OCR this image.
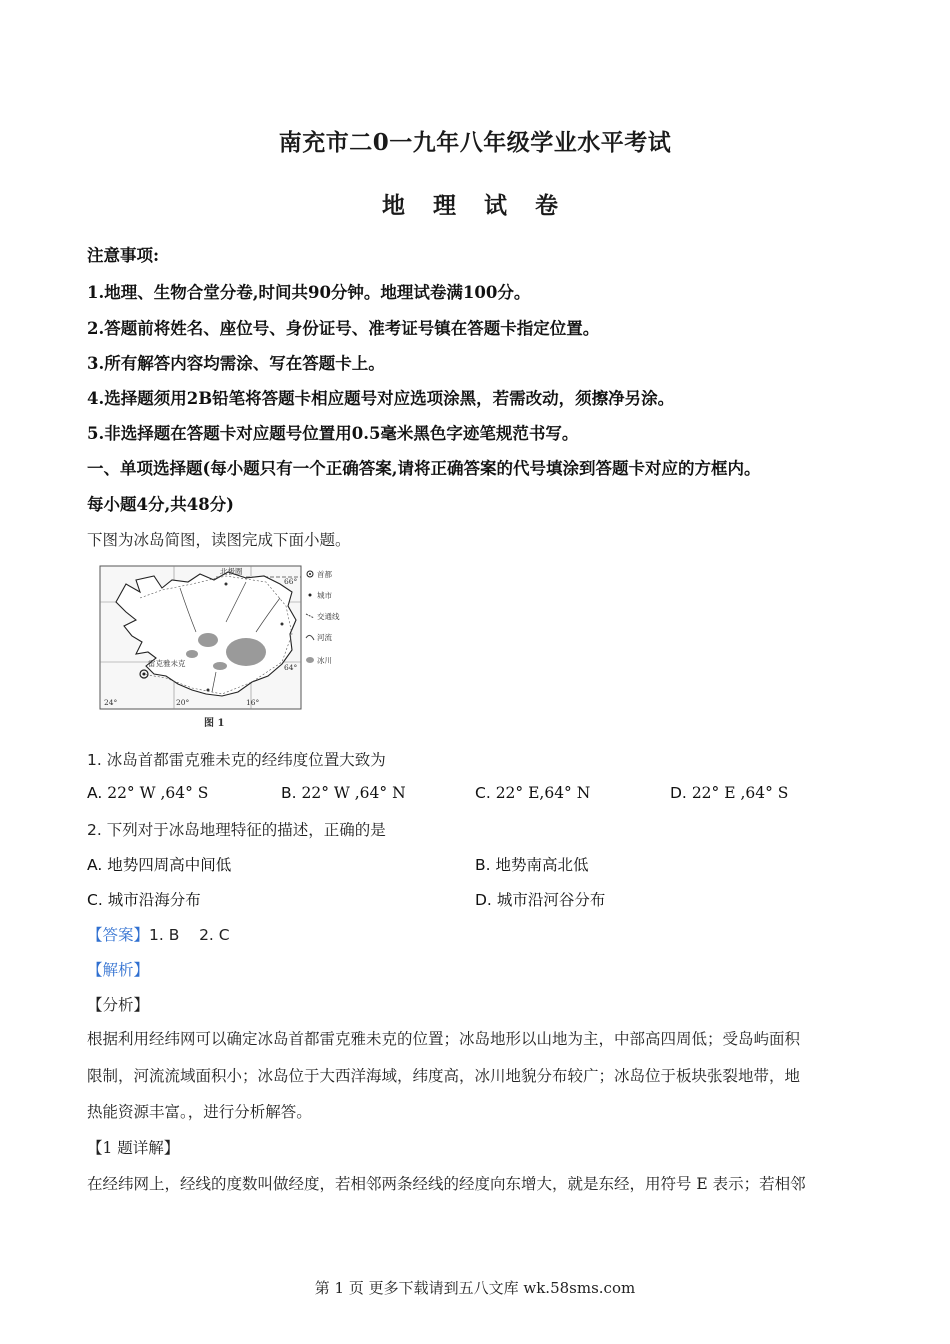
南充市二0一九年八年级学业水平考试
地 理 试 卷
注意事项:
1.地理、生物合堂分卷,时间共90分钟。地理试卷满100分。
2.答题前将姓名、座位号、身份证号、准考证号镇在答题卡指定位置。
3.所有解答内容均需涂、写在答题卡上。
4.选择题须用2B铅笔将答题卡相应题号对应选项涂黑，若需改动，须擦净另涂。
5.非选择题在答题卡对应题号位置用0.5毫米黑色字迹笔规范书写。
一、单项选择题(每小题只有一个正确答案,请将正确答案的代号填涂到答题卡对应的方框内。
每小题4分,共48分)
下图为冰岛简图，读图完成下面小题。
雷克雅未克
北极圈
66°
64°
24°	20°	16°
首都
城市
交通线
河流
冰川
图 1
1. 冰岛首都雷克雅未克的经纬度位置大致为
A. 22° W ,64° S	B. 22° W ,64° N	C. 22° E,64° N	D. 22° E ,64° S
2. 下列对于冰岛地理特征的描述，正确的是
A. 地势四周高中间低	B. 地势南高北低
C. 城市沿海分布	D. 城市沿河谷分布
【答案】1. B    2. C
【解析】
【分析】
根据利用经纬网可以确定冰岛首都雷克雅未克的位置；冰岛地形以山地为主，中部高四周低；受岛屿面积
限制，河流流域面积小；冰岛位于大西洋海域，纬度高，冰川地貌分布较广；冰岛位于板块张裂地带，地
热能资源丰富。，进行分析解答。
【1 题详解】
在经纬网上，经线的度数叫做经度，若相邻两条经线的经度向东增大，就是东经，用符号 E 表示；若相邻
第 1 页 更多下载请到五八文库 wk.58sms.com
